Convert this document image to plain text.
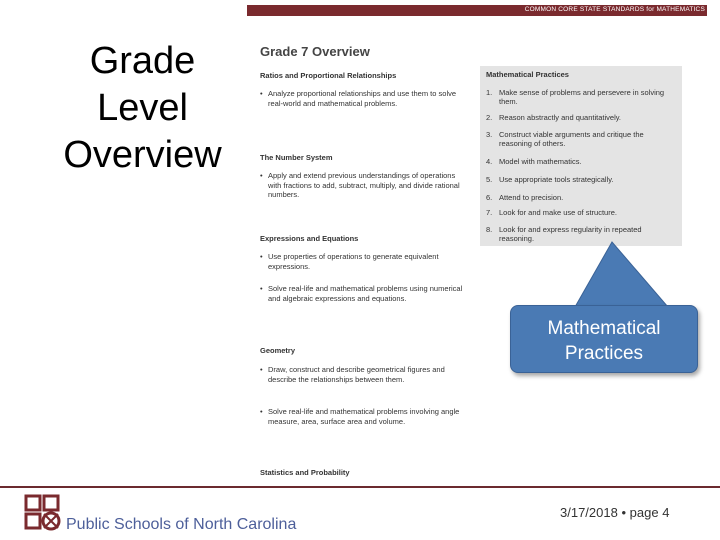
Grade
Level
Overview
COMMON CORE STATE STANDARDS for MATHEMATICS
Grade 7 Overview
Ratios and Proportional Relationships
• Analyze proportional relationships and use them to solve real-world and mathematical problems.
The Number System
• Apply and extend previous understandings of operations with fractions to add, subtract, multiply, and divide rational numbers.
Expressions and Equations
• Use properties of operations to generate equivalent expressions.
• Solve real-life and mathematical problems using numerical and algebraic expressions and equations.
Geometry
• Draw, construct and describe geometrical figures and describe the relationships between them.
• Solve real-life and mathematical problems involving angle measure, area, surface area and volume.
Statistics and Probability
Mathematical Practices
1. Make sense of problems and persevere in solving them.
2. Reason abstractly and quantitatively.
3. Construct viable arguments and critique the reasoning of others.
4. Model with mathematics.
5. Use appropriate tools strategically.
6. Attend to precision.
7. Look for and make use of structure.
8. Look for and express regularity in repeated reasoning.
Mathematical
Practices
Public Schools of North Carolina
3/17/2018 • page 4
